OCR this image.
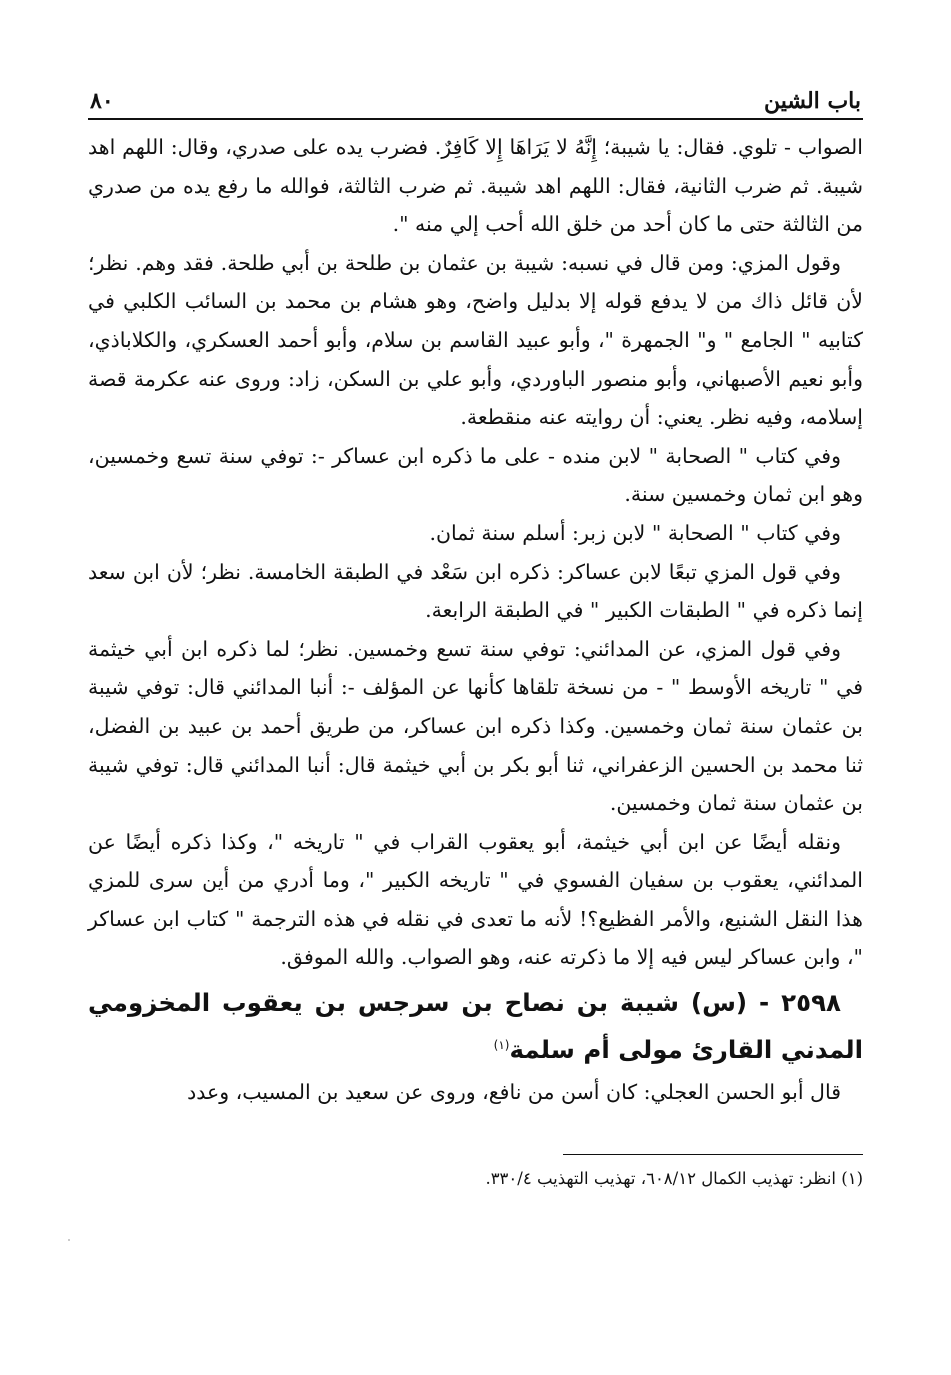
باب الشين
٨٠

الصواب - تلوي. فقال: يا شيبة؛ إِنَّهُ لا يَرَاهَا إِلا كَافِرٌ. فضرب يده على صدري، وقال: اللهم اهد شيبة. ثم ضرب الثانية، فقال: اللهم اهد شيبة. ثم ضرب الثالثة، فوالله ما رفع يده من صدري من الثالثة حتى ما كان أحد من خلق الله أحب إلي منه ".

وقول المزي: ومن قال في نسبه: شيبة بن عثمان بن طلحة بن أبي طلحة. فقد وهم. نظر؛ لأن قائل ذاك من لا يدفع قوله إلا بدليل واضح، وهو هشام بن محمد بن السائب الكلبي في كتابيه " الجامع " و" الجمهرة "، وأبو عبيد القاسم بن سلام، وأبو أحمد العسكري، والكلاباذي، وأبو نعيم الأصبهاني، وأبو منصور الباوردي، وأبو علي بن السكن، زاد: وروى عنه عكرمة قصة إسلامه، وفيه نظر. يعني: أن روايته عنه منقطعة.

وفي كتاب " الصحابة " لابن منده - على ما ذكره ابن عساكر -: توفي سنة تسع وخمسين، وهو ابن ثمان وخمسين سنة.

وفي كتاب " الصحابة " لابن زبر: أسلم سنة ثمان.

وفي قول المزي تبعًا لابن عساكر: ذكره ابن سَعْد في الطبقة الخامسة. نظر؛ لأن ابن سعد إنما ذكره في " الطبقات الكبير " في الطبقة الرابعة.

وفي قول المزي، عن المدائني: توفي سنة تسع وخمسين. نظر؛ لما ذكره ابن أبي خيثمة في " تاريخه الأوسط " - من نسخة تلقاها كأنها عن المؤلف -: أنبا المدائني قال: توفي شيبة بن عثمان سنة ثمان وخمسين. وكذا ذكره ابن عساكر، من طريق أحمد بن عبيد بن الفضل، ثنا محمد بن الحسين الزعفراني، ثنا أبو بكر بن أبي خيثمة قال: أنبا المدائني قال: توفي شيبة بن عثمان سنة ثمان وخمسين.

ونقله أيضًا عن ابن أبي خيثمة، أبو يعقوب القراب في " تاريخه "، وكذا ذكره أيضًا عن المدائني، يعقوب بن سفيان الفسوي في " تاريخه الكبير "، وما أدري من أين سرى للمزي هذا النقل الشنيع، والأمر الفظيع؟! لأنه ما تعدى في نقله في هذه الترجمة " كتاب ابن عساكر "، وابن عساكر ليس فيه إلا ما ذكرته عنه، وهو الصواب. والله الموفق.

٢٥٩٨ - (س) شيبة بن نصاح بن سرجس بن يعقوب المخزومي المدني القارئ مولى أم سلمة$^{(١)}$

قال أبو الحسن العجلي: كان أسن من نافع، وروى عن سعيد بن المسيب، وعدد

(١) انظر: تهذيب الكمال ٦٠٨/١٢، تهذيب التهذيب ٣٣٠/٤.
